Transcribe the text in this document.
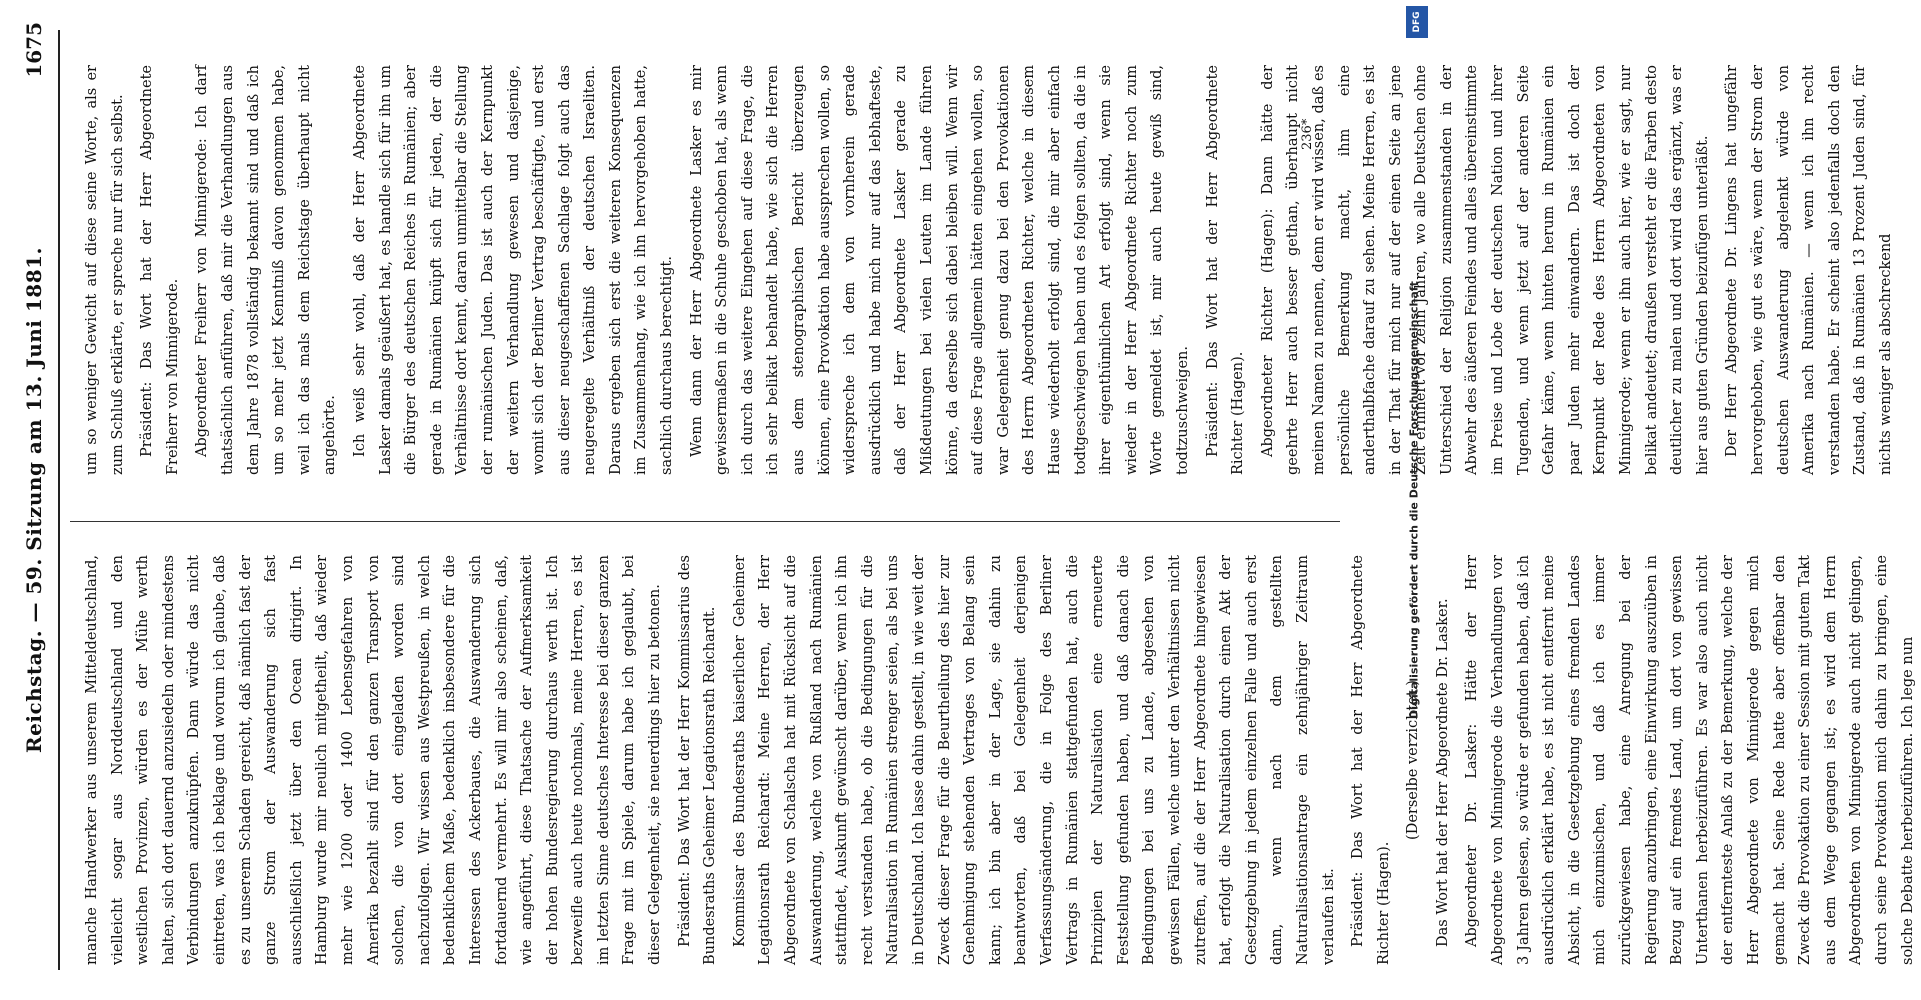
Reichstag. — 59. Sitzung am 13. Juni 1881.
1675

manche Handwerker aus unserem Mitteldeutschland, vielleicht sogar aus Norddeutschland und den westlichen Provinzen, würden es der Mühe werth halten, sich dort dauernd anzusiedeln oder mindestens Verbindungen anzuknüpfen. Dann würde das nicht eintreten, was ich beklage und worum ich glaube, daß es zu unserem Schaden gereicht, daß nämlich fast der ganze Strom der Auswanderung sich fast ausschließlich jetzt über den Ocean dirigirt. In Hamburg wurde mir neulich mitgetheilt, daß wieder mehr wie 1200 oder 1400 Lebensgefahren von Amerika bezahlt sind für den ganzen Transport von solchen, die von dort eingeladen worden sind nachzufolgen. Wir wissen aus Westpreußen, in welch bedenklichem Maße, bedenklich insbesondere für die Interessen des Ackerbaues, die Auswanderung sich fortdauernd vermehrt. Es will mir also scheinen, daß, wie angeführt, diese Thatsache der Aufmerksamkeit der hohen Bundesregierung durchaus werth ist. Ich bezweifle auch heute nochmals, meine Herren, es ist im letzten Sinne deutsches Interesse bei dieser ganzen Frage mit im Spiele, darum habe ich geglaubt, bei dieser Gelegenheit, sie neuerdings hier zu betonen. Präsident: Das Wort hat der Herr Kommissarius des Bundesraths Geheimer Legationsrath Reichardt. Kommissar des Bundesraths kaiserlicher Geheimer Legationsrath Reichardt: Meine Herren, der Herr Abgeordnete von Schalscha hat mit Rücksicht auf die Auswanderung, welche von Rußland nach Rumänien stattfindet, Auskunft gewünscht darüber, wenn ich ihn recht verstanden habe, ob die Bedingungen für die Naturalisation in Rumänien strenger seien, als bei uns in Deutschland. Ich lasse dahin gestellt, in wie weit der Zweck dieser Frage für die Beurtheilung des hier zur Genehmigung stehenden Vertrages von Belang sein kann; ich bin aber in der Lage, sie dahin zu beantworten, daß bei Gelegenheit derjenigen Verfassungsänderung, die in Folge des Berliner Vertrags in Rumänien stattgefunden hat, auch die Prinzipien der Naturalisation eine erneuerte Feststellung gefunden haben, und daß danach die Bedingungen bei uns zu Lande, abgesehen von gewissen Fällen, welche unter den Verhältnissen nicht zutreffen, auf die der Herr Abgeordnete hingewiesen hat, erfolgt die Naturalisation durch einen Akt der Gesetzgebung in jedem einzelnen Falle und auch erst dann, wenn nach dem gestellten Naturalisationsantrage ein zehnjähriger Zeitraum verlaufen ist. Präsident: Das Wort hat der Herr Abgeordnete Richter (Hagen).

(Derselbe verzichtet.) Das Wort hat der Herr Abgeordnete Dr. Lasker. Abgeordneter Dr. Lasker: Hätte der Herr Abgeordnete von Minnigerode die Verhandlungen vor 3 Jahren gelesen, so würde er gefunden haben, daß ich ausdrücklich erklärt habe, es ist nicht entfernt meine Absicht, in die Gesetzgebung eines fremden Landes mich einzumischen, und daß ich es immer zurückgewiesen habe, eine Anregung bei der Regierung anzubringen, eine Einwirkung auszuüben in Bezug auf ein fremdes Land, um dort von gewissen Unterthanen herbeizuführen. Es war also auch nicht der entfernteste Anlaß zu der Bemerkung, welche der Herr Abgeordnete von Minnigerode gegen mich gemacht hat. Seine Rede hatte aber offenbar den Zweck die Provokation zu einer Session mit gutem Takt aus dem Wege gegangen ist; es wird dem Herrn Abgeordneten von Minnigerode auch nicht gelingen, durch seine Provokation mich dahin zu bringen, eine solche Debatte herbeizuführen. Ich lege nun

um so weniger Gewicht auf diese seine Worte, als er zum Schluß erklärte, er spreche nur für sich selbst. Präsident: Das Wort hat der Herr Abgeordnete Freiherr von Minnigerode. Abgeordneter Freiherr von Minnigerode: Ich darf thatsächlich anführen, daß mir die Verhandlungen aus dem Jahre 1878 vollständig bekannt sind und daß ich um so mehr jetzt Kenntniß davon genommen habe, weil ich das mals dem Reichstage überhaupt nicht angehörte. Ich weiß sehr wohl, daß der Herr Abgeordnete Lasker damals geäußert hat, es handle sich für ihn um die Bürger des deutschen Reiches in Rumänien; aber gerade in Rumänien knüpft sich für jeden, der die Verhältnisse dort kennt, daran unmittelbar die Stellung der rumänischen Juden. Das ist auch der Kernpunkt der weitern Verhandlung gewesen und dasjenige, womit sich der Berliner Vertrag beschäftigte, und erst aus dieser neugeschaffenen Sachlage folgt auch das neugeregelte Verhältniß der deutschen Israeliten. Daraus ergeben sich erst die weiteren Konsequenzen im Zusammenhang, wie ich ihn hervorgehoben hatte, sachlich durchaus berechtigt. Wenn dann der Herr Abgeordnete Lasker es mir gewissermaßen in die Schuhe geschoben hat, als wenn ich durch das weitere Eingehen auf diese Frage, die ich sehr belikat behandelt habe, wie sich die Herren aus dem stenographischen Bericht überzeugen können, eine Provokation habe aussprechen wollen, so widerspreche ich dem von vornherein gerade ausdrücklich und habe mich nur auf das lebhafteste, daß der Herr Abgeordnete Lasker gerade zu Mißdeutungen bei vielen Leuten im Lande führen könne, da derselbe sich dabei bleiben will. Wenn wir auf diese Frage allgemein hätten eingehen wollen, so war Gelegenheit genug dazu bei den Provokationen des Herrn Abgeordneten Richter, welche in diesem Hause wiederholt erfolgt sind, die mir aber einfach todtgeschwiegen haben und es folgen sollten, da die in ihrer eigenthümlichen Art erfolgt sind, wenn sie wieder in der Herr Abgeordnete Richter noch zum Worte gemeldet ist, mir auch heute gewiß sind, todtzuschweigen. Präsident: Das Wort hat der Herr Abgeordnete Richter (Hagen). Abgeordneter Richter (Hagen): Dann hätte der geehrte Herr auch besser gethan, überhaupt nicht meinen Namen zu nennen, denn er wird wissen, daß es persönliche Bemerkung macht, ihm eine anderthalbfache darauf zu sehen. Meine Herren, es ist in der That für mich nur auf der einen Seite an jene Zeit erinnert vor zehn Jahren, wo alle Deutschen ohne Unterschied der Religion zusammenstanden in der Abwehr des äußeren Feindes und alles übereinstimmte im Preise und Lobe der deutschen Nation und ihrer Tugenden, und wenn jetzt auf der anderen Seite Gefahr käme, wenn hinten herum in Rumänien ein paar Juden mehr einwandern. Das ist doch der Kernpunkt der Rede des Herrn Abgeordneten von Minnigerode; wenn er ihn auch hier, wie er sagt, nur belikat andeutet; draußen versteht er die Farben desto deutlicher zu malen und dort wird das ergänzt, was er hier aus guten Gründen beizufügen unterläßt. Der Herr Abgeordnete Dr. Lingens hat ungefähr hervorgehoben, wie gut es wäre, wenn der Strom der deutschen Auswanderung abgelenkt würde von Amerika nach Rumänien. — wenn ich ihn recht verstanden habe. Er scheint also jedenfalls doch den Zustand, daß in Rumänien 13 Prozent Juden sind, für nichts weniger als abschreckend

236*
Digitalisierung gefördert durch die Deutsche Forschungsgemeinschaft
DFG
